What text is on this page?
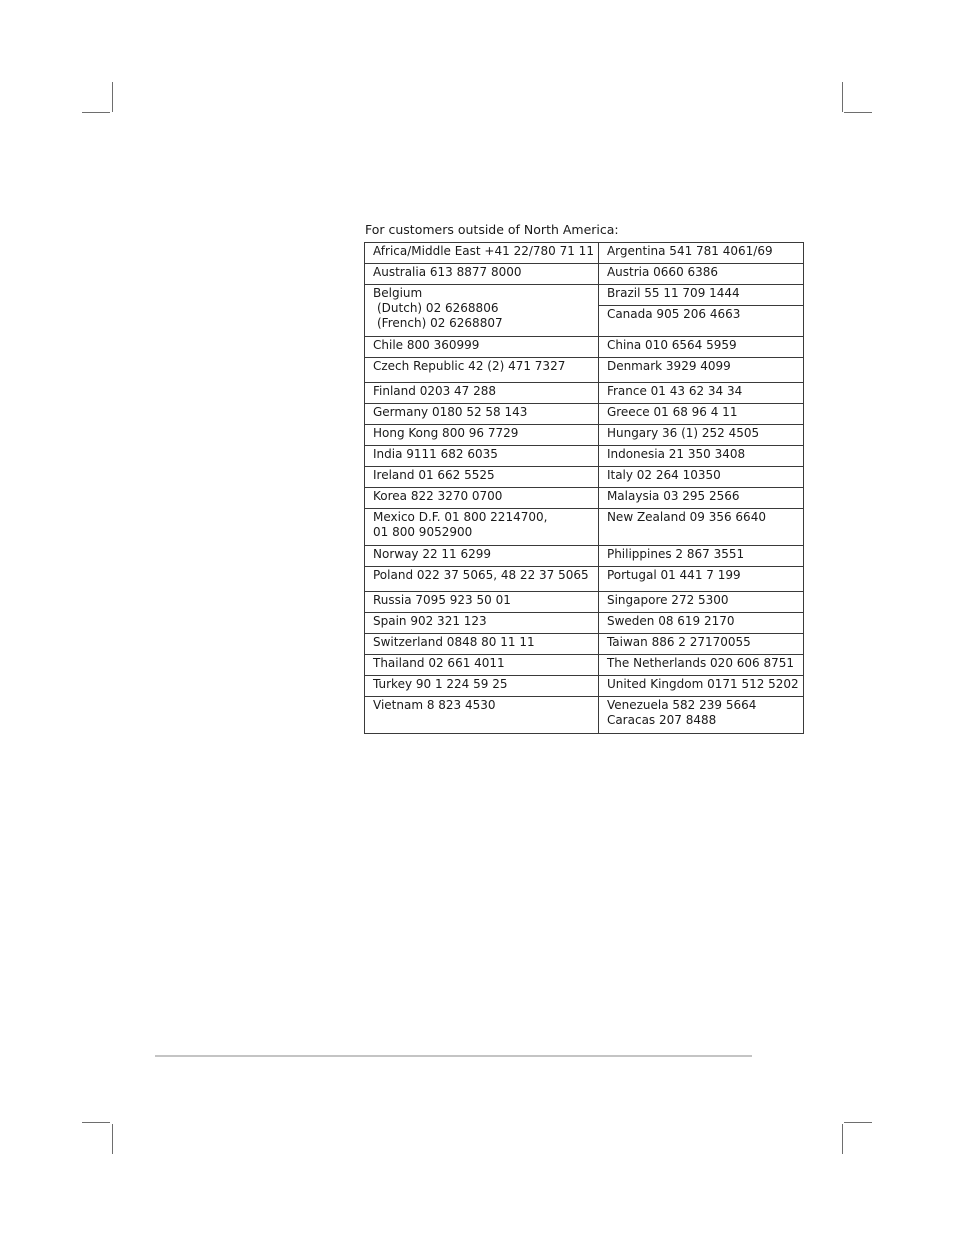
For customers outside of North America:
Africa/Middle East +41 22/780 71 11	Argentina 541 781 4061/69
Australia 613 8877 8000	Austria 0660 6386

Belgium
(Dutch) 02 6268806
(French) 02 6268807	Brazil 55 11 709 1444
	Canada 905 206 4663
Chile 800 360999	China 010 6564 5959
Czech Republic 42 (2) 471 7327	Denmark 3929 4099
Finland 0203 47 288	France 01 43 62 34 34
Germany 0180 52 58 143	Greece 01 68 96 4 11
Hong Kong 800 96 7729	Hungary 36 (1) 252 4505
India 9111 682 6035	Indonesia 21 350 3408
Ireland 01 662 5525	Italy 02 264 10350
Korea 822 3270 0700	Malaysia 03 295 2566

Mexico D.F. 01 800 2214700,
01 800 9052900	New Zealand 09 356 6640
Norway 22 11 6299	Philippines 2 867 3551
Poland 022 37 5065, 48 22 37 5065	Portugal 01 441 7 199
Russia 7095 923 50 01	Singapore 272 5300
Spain 902 321 123	Sweden 08 619 2170
Switzerland 0848 80 11 11	Taiwan 886 2 27170055
Thailand 02 661 4011	The Netherlands 020 606 8751
Turkey 90 1 224 59 25	United Kingdom 0171 512 5202
Vietnam 8 823 4530	Venezuela 582 239 5664
Caracas 207 8488
